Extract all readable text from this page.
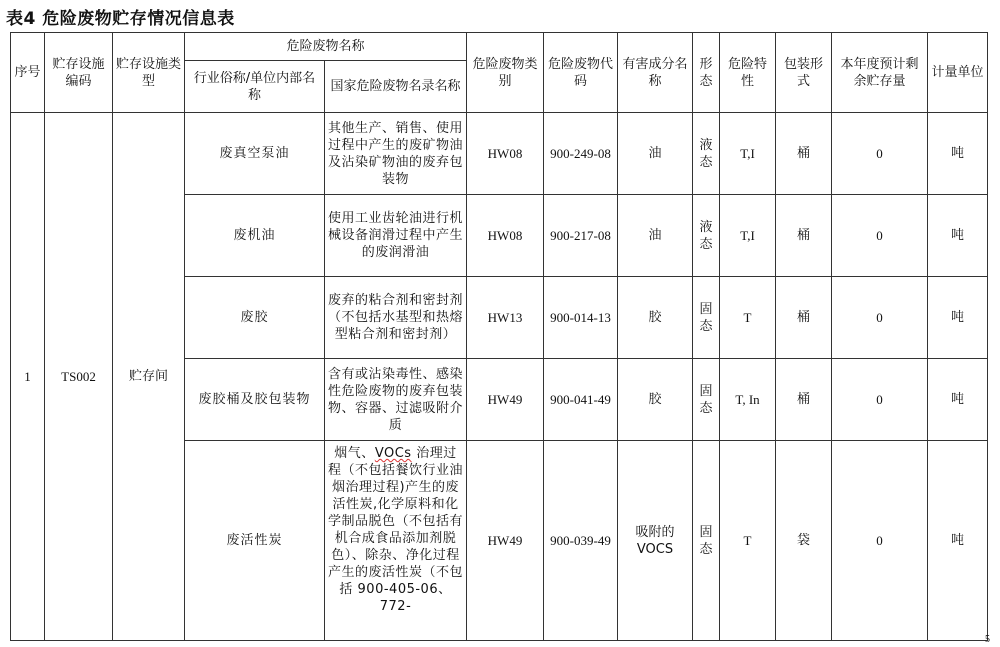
表4 危险废物贮存情况信息表
序号	贮存设施编码	贮存设施类型	危险废物名称		危险废物类别	危险废物代码	有害成分名称	形态	危险特性	包装形式	本年度预计剩余贮存量	计量单位
			行业俗称/单位内部名称	国家危险废物名录名称								
1	TS002	贮存间	废真空泵油	其他生产、销售、使用过程中产生的废矿物油及沾染矿物油的废弃包装物	HW08	900-249-08	油	液态	T,I	桶	0	吨
			废机油	使用工业齿轮油进行机械设备润滑过程中产生的废润滑油	HW08	900-217-08	油	液态	T,I	桶	0	吨
			废胶	废弃的粘合剂和密封剂（不包括水基型和热熔型粘合剂和密封剂）	HW13	900-014-13	胶	固态	T	桶	0	吨
			废胶桶及胶包装物	含有或沾染毒性、感染性危险废物的废弃包装物、容器、过滤吸附介质	HW49	900-041-49	胶	固态	T, In	桶	0	吨
			废活性炭	烟气、VOCs 治理过程（不包括餐饮行业油烟治理过程)产生的废活性炭,化学原料和化学制品脱色（不包括有机合成食品添加剂脱色）、除杂、净化过程产生的废活性炭（不包括 900-405-06、772-	HW49	900-039-49	吸附的VOCS	固态	T	袋	0	吨
5
